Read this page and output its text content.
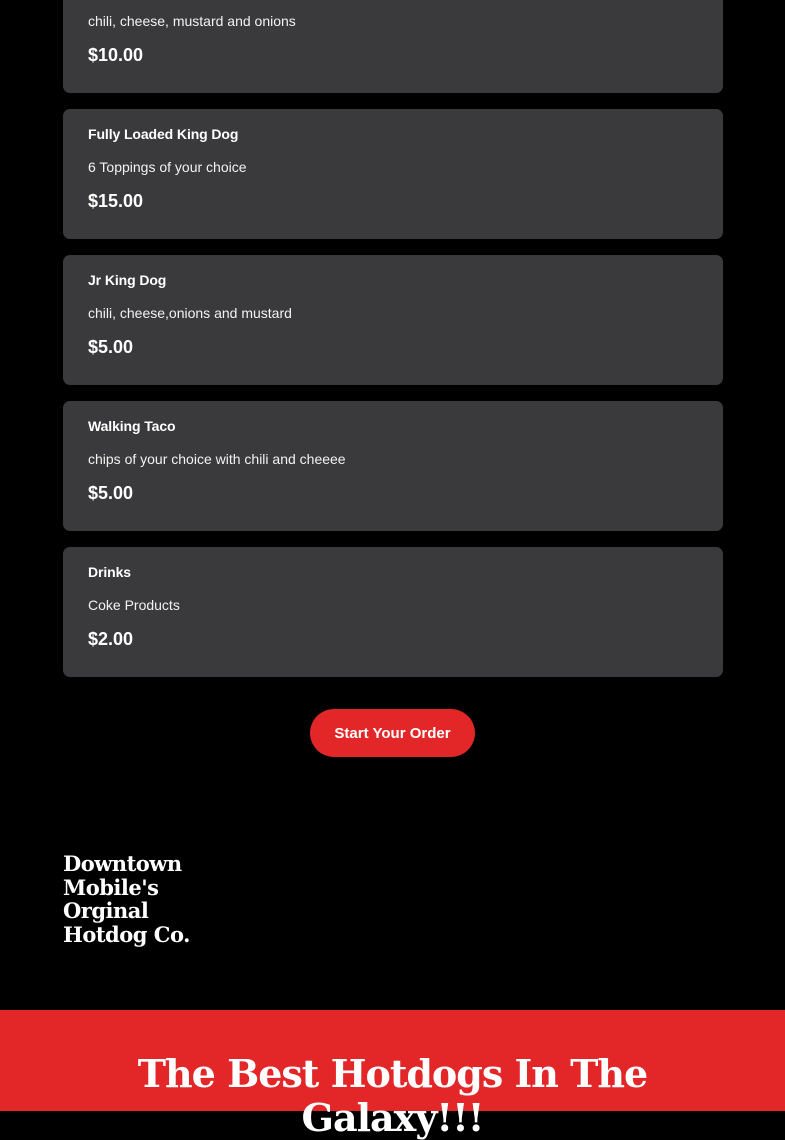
chili, cheese, mustard and onions
$10.00
Fully Loaded King Dog
6 Toppings of your choice
$15.00
Jr King Dog
chili, cheese,onions and mustard
$5.00
Walking Taco
chips of your choice with chili and cheeee
$5.00
Drinks
Coke Products
$2.00
Start Your Order
Downtown Mobile's Orginal Hotdog Co.
The Best Hotdogs In The Galaxy!!!
